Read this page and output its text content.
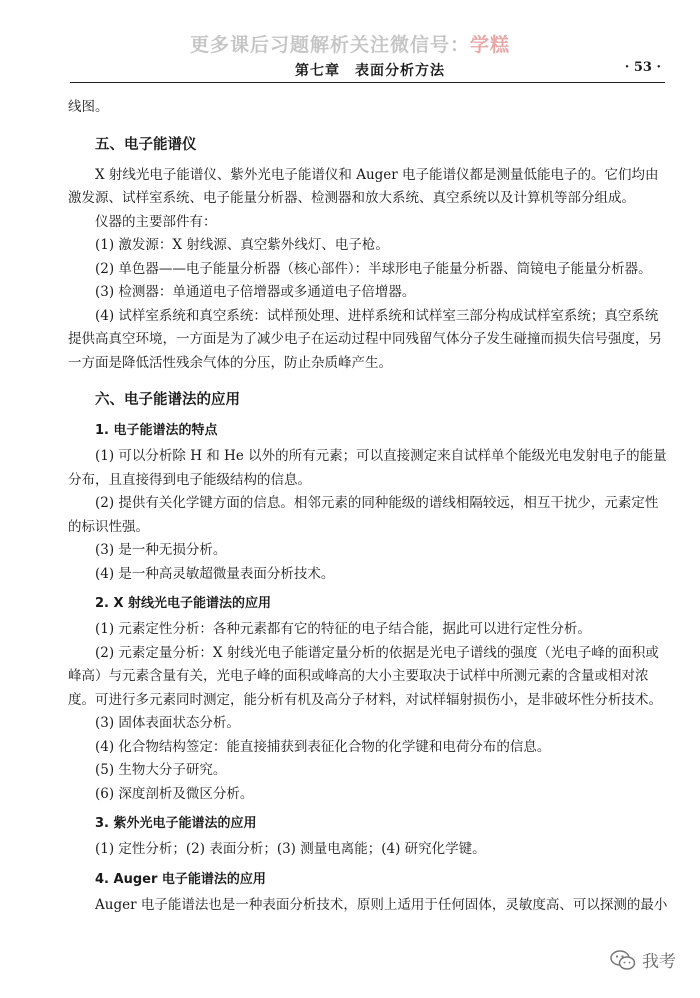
更多课后习题解析关注微信号：学糕
第七章　表面分析方法	· 53 ·

线图。

五、电子能谱仪

X 射线光电子能谱仪、紫外光电子能谱仪和 Auger 电子能谱仪都是测量低能电子的。它们均由激发源、试样室系统、电子能量分析器、检测器和放大系统、真空系统以及计算机等部分组成。

仪器的主要部件有：

(1) 激发源：X 射线源、真空紫外线灯、电子枪。

(2) 单色器——电子能量分析器（核心部件）：半球形电子能量分析器、筒镜电子能量分析器。

(3) 检测器：单通道电子倍增器或多通道电子倍增器。

(4) 试样室系统和真空系统：试样预处理、进样系统和试样室三部分构成试样室系统；真空系统提供高真空环境，一方面是为了减少电子在运动过程中同残留气体分子发生碰撞而损失信号强度，另一方面是降低活性残余气体的分压，防止杂质峰产生。

六、电子能谱法的应用
1. 电子能谱法的特点

(1) 可以分析除 H 和 He 以外的所有元素；可以直接测定来自试样单个能级光电发射电子的能量分布，且直接得到电子能级结构的信息。

(2) 提供有关化学键方面的信息。相邻元素的同种能级的谱线相隔较远，相互干扰少，元素定性的标识性强。

(3) 是一种无损分析。

(4) 是一种高灵敏超微量表面分析技术。

2. X 射线光电子能谱法的应用

(1) 元素定性分析：各种元素都有它的特征的电子结合能，据此可以进行定性分析。

(2) 元素定量分析：X 射线光电子能谱定量分析的依据是光电子谱线的强度（光电子峰的面积或峰高）与元素含量有关，光电子峰的面积或峰高的大小主要取决于试样中所测元素的含量或相对浓度。可进行多元素同时测定，能分析有机及高分子材料，对试样辐射损伤小，是非破坏性分析技术。

(3) 固体表面状态分析。

(4) 化合物结构签定：能直接捕获到表征化合物的化学键和电荷分布的信息。

(5) 生物大分子研究。

(6) 深度剖析及微区分析。

3. 紫外光电子能谱法的应用

(1) 定性分析；(2) 表面分析；(3) 测量电离能；(4) 研究化学键。

4. Auger 电子能谱法的应用

Auger 电子能谱法也是一种表面分析技术，原则上适用于任何固体，灵敏度高、可以探测的最小

我考
